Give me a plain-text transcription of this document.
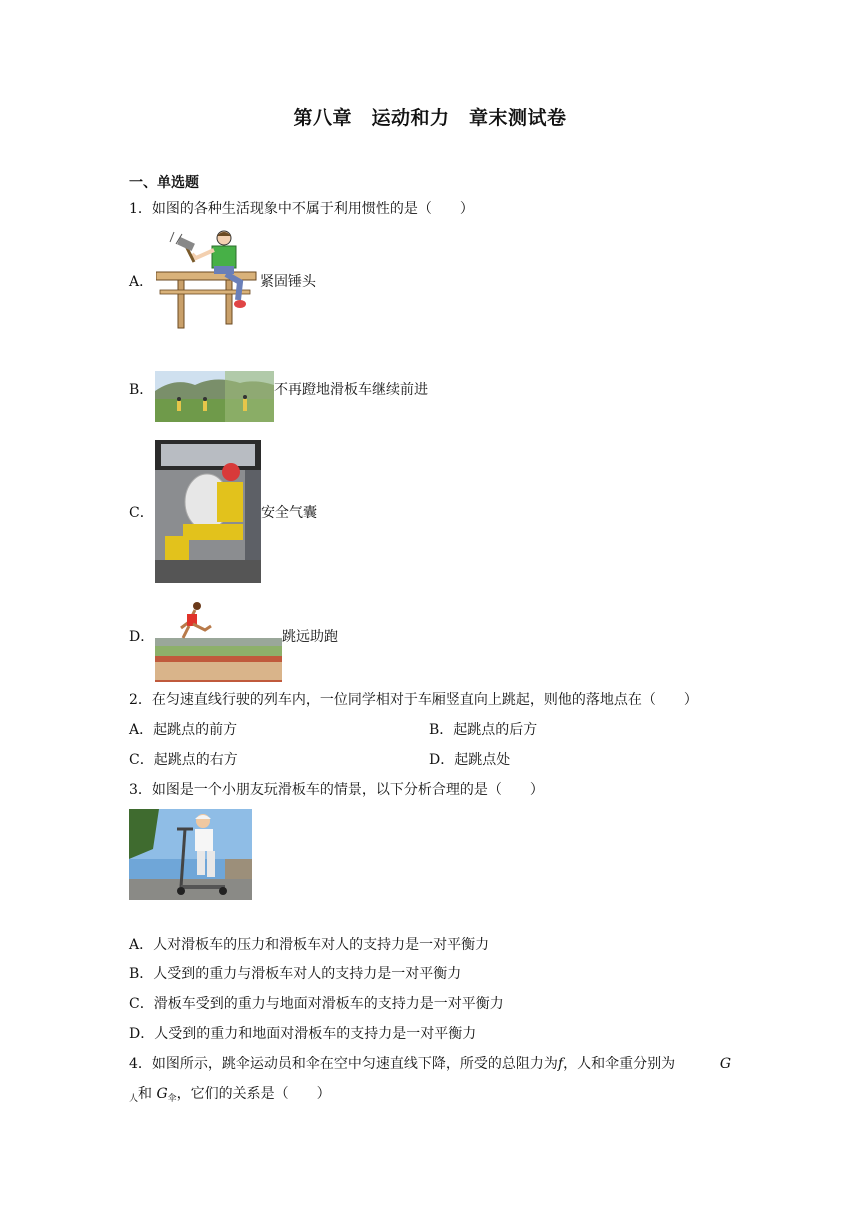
第八章　运动和力　章末测试卷
一、单选题
1．如图的各种生活现象中不属于利用惯性的是（　　）
A．	紧固锤头
B．	不再蹬地滑板车继续前进
C．	安全气囊
D．	跳远助跑
2．在匀速直线行驶的列车内，一位同学相对于车厢竖直向上跳起，则他的落地点在（　　）
A．起跳点的前方	B．起跳点的后方
C．起跳点的右方	D．起跳点处
3．如图是一个小朋友玩滑板车的情景，以下分析合理的是（　　）
A．人对滑板车的压力和滑板车对人的支持力是一对平衡力
B．人受到的重力与滑板车对人的支持力是一对平衡力
C．滑板车受到的重力与地面对滑板车的支持力是一对平衡力
D．人受到的重力和地面对滑板车的支持力是一对平衡力
4．如图所示，跳伞运动员和伞在空中匀速直线下降，所受的总阻力为f，人和伞重分别为	G
$_人$和 $G_伞$，它们的关系是（　　）
